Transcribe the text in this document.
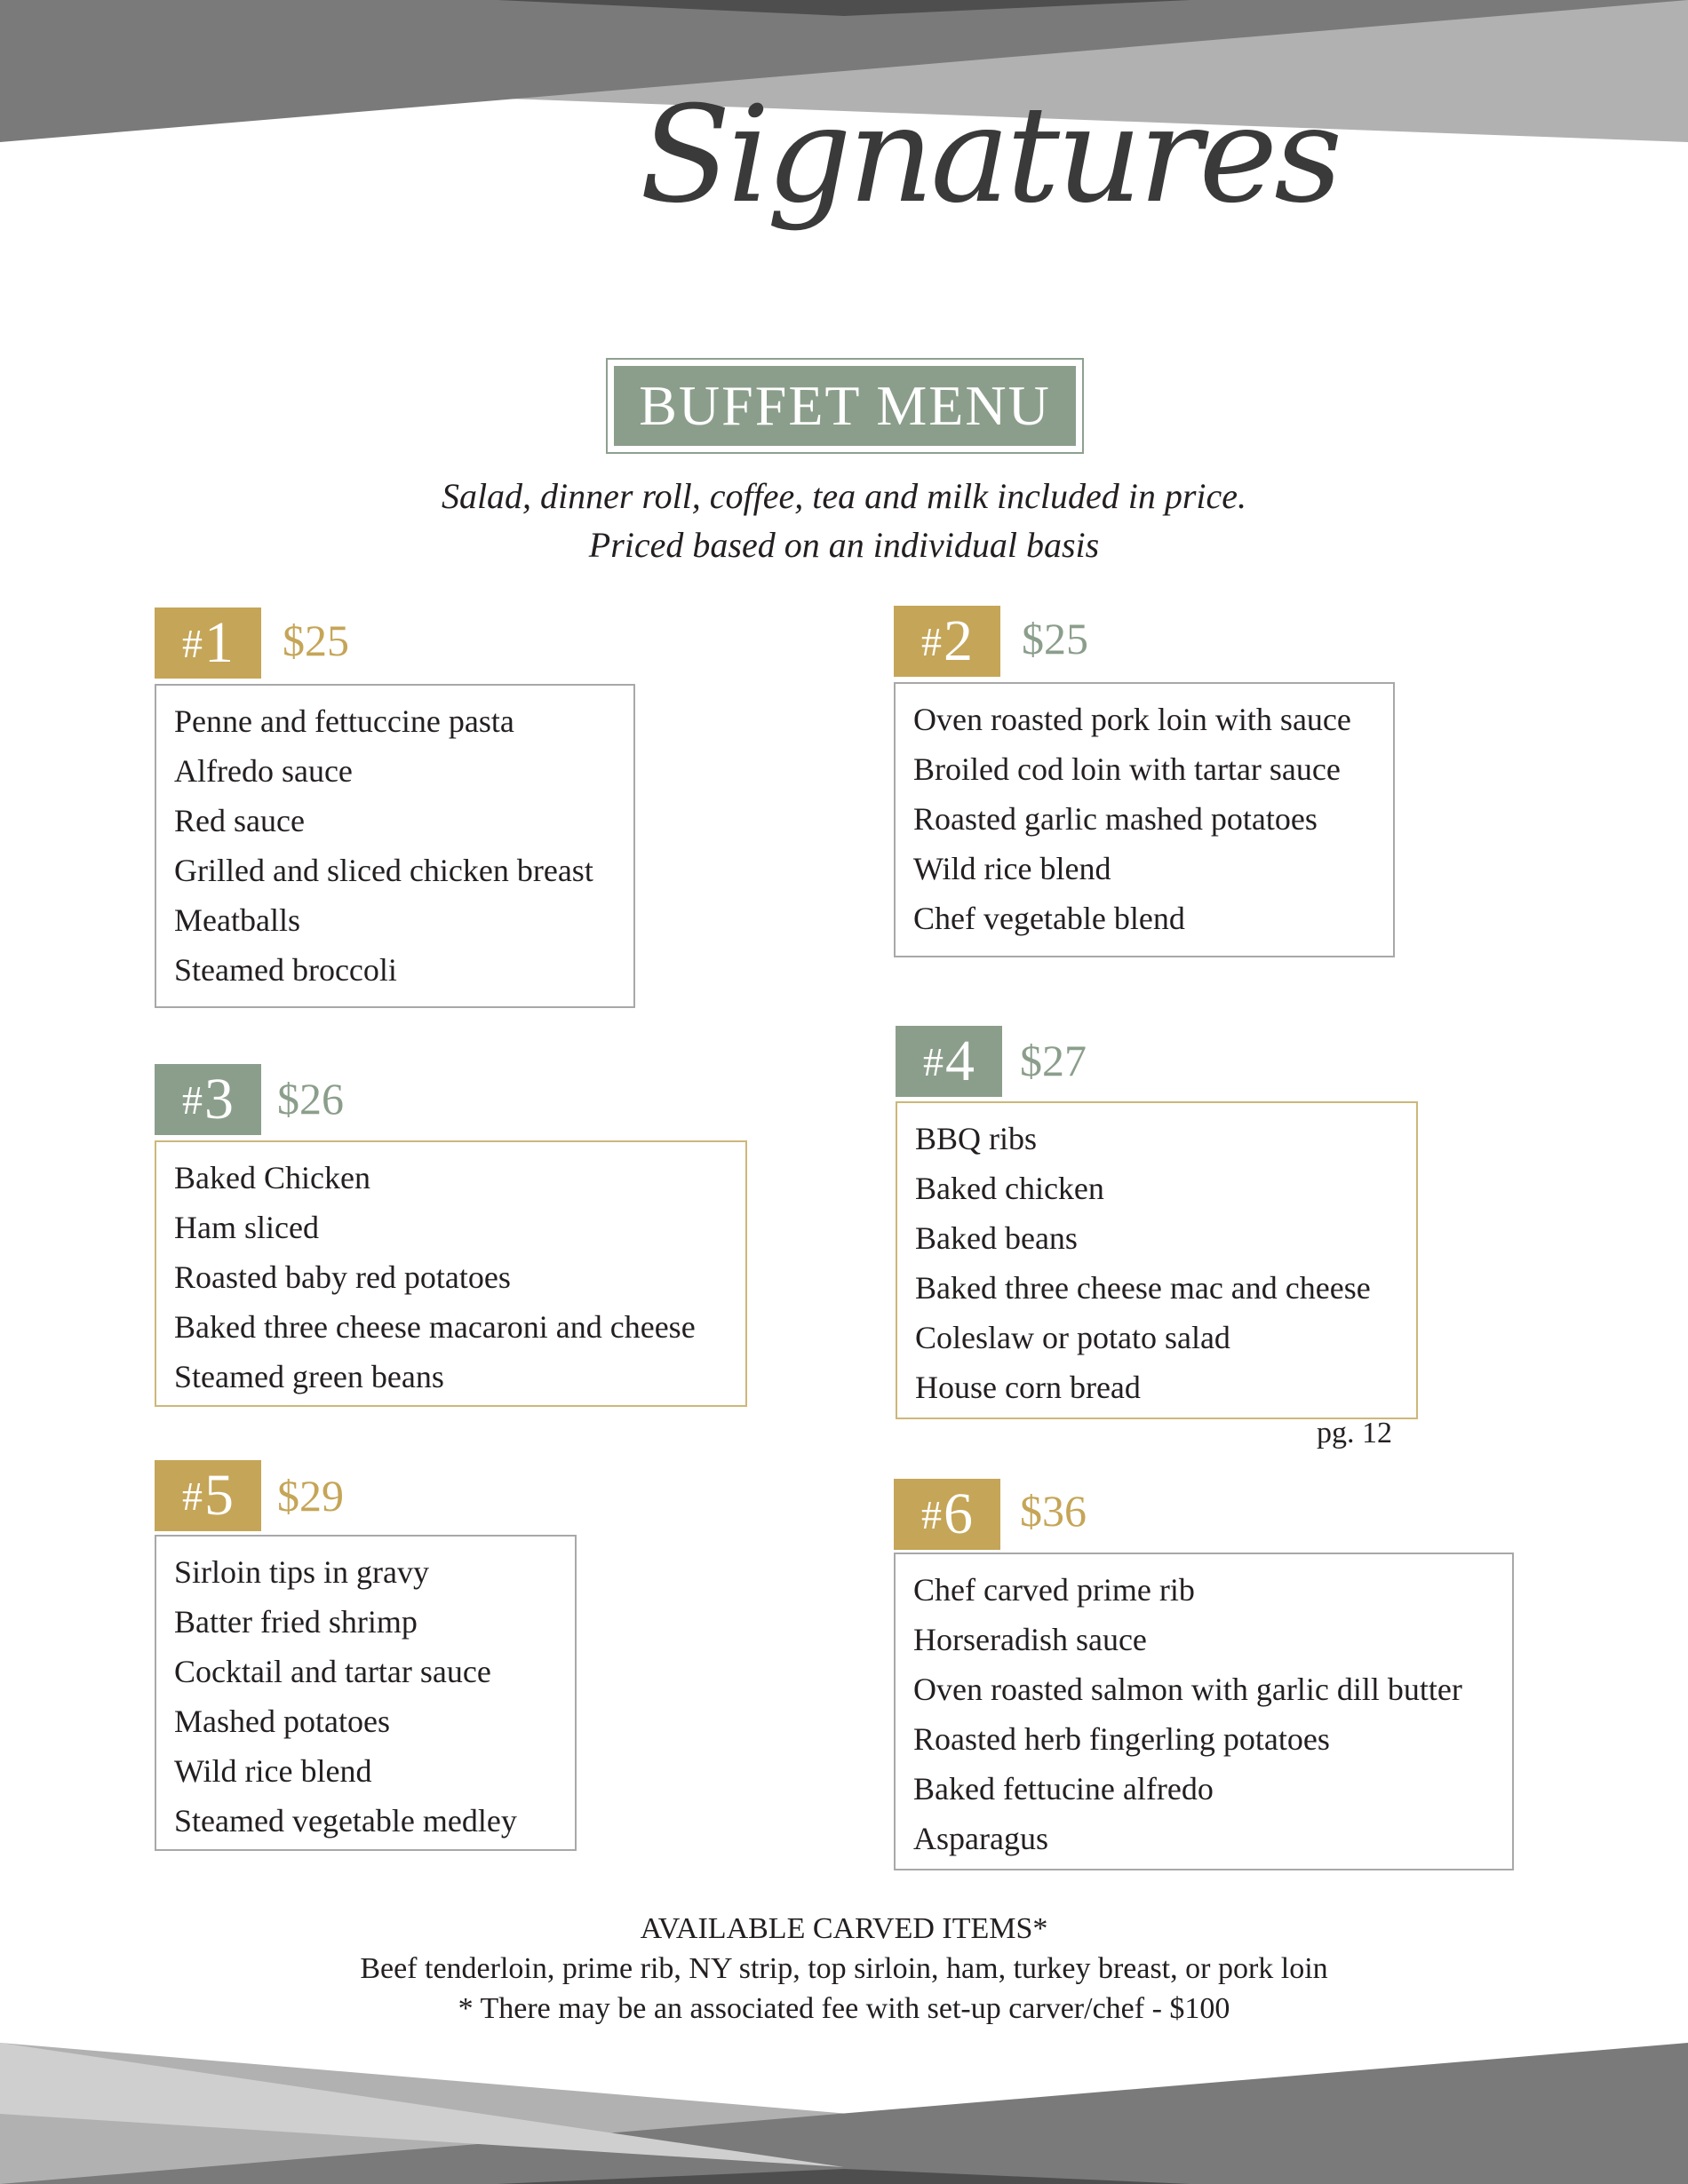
Signatures
BUFFET MENU
Salad, dinner roll, coffee, tea and milk included in price.
Priced based on an individual basis
# 1 $25
Penne and fettuccine pasta
Alfredo sauce
Red sauce
Grilled and sliced chicken breast
Meatballs
Steamed broccoli
# 2 $25
Oven roasted pork loin with sauce
Broiled cod loin with tartar sauce
Roasted garlic mashed potatoes
Wild rice blend
Chef vegetable blend
# 3 $26
Baked Chicken
Ham sliced
Roasted baby red potatoes
Baked three cheese macaroni and cheese
Steamed green beans
# 4 $27
BBQ ribs
Baked chicken
Baked beans
Baked three cheese mac and cheese
Coleslaw or potato salad
House corn bread
pg. 12
# 5 $29
Sirloin tips in gravy
Batter fried shrimp
Cocktail and tartar sauce
Mashed potatoes
Wild rice blend
Steamed vegetable medley
# 6 $36
Chef carved prime rib
Horseradish sauce
Oven roasted salmon with garlic dill butter
Roasted herb fingerling potatoes
Baked fettucine alfredo
Asparagus
AVAILABLE CARVED ITEMS*
Beef tenderloin, prime rib, NY strip, top sirloin, ham, turkey breast, or pork loin
* There may be an associated fee with set-up carver/chef - $100
